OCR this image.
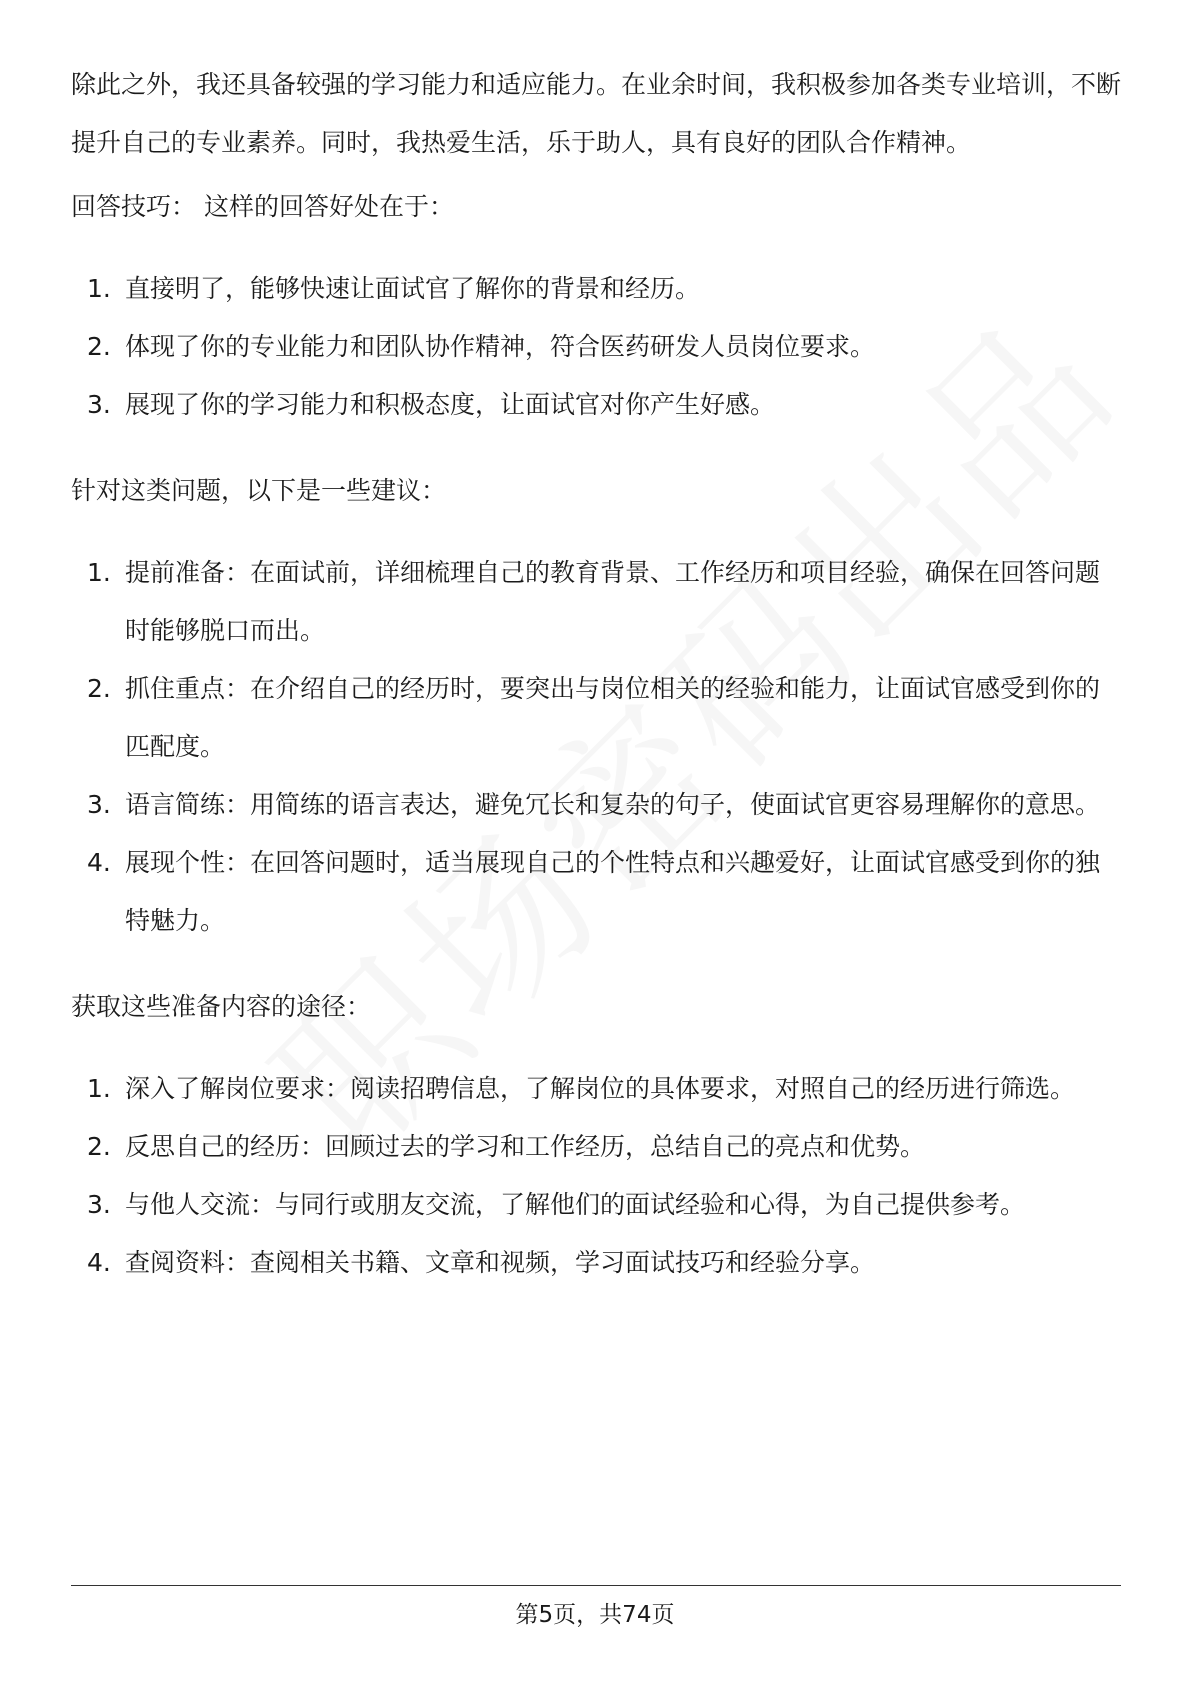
除此之外，我还具备较强的学习能力和适应能力。在业余时间，我积极参加各类专业培训，不断提升自己的专业素养。同时，我热爱生活，乐于助人，具有良好的团队合作精神。

回答技巧： 这样的回答好处在于：

1. 直接明了，能够快速让面试官了解你的背景和经历。
2. 体现了你的专业能力和团队协作精神，符合医药研发人员岗位要求。
3. 展现了你的学习能力和积极态度，让面试官对你产生好感。

针对这类问题，以下是一些建议：

1. 提前准备：在面试前，详细梳理自己的教育背景、工作经历和项目经验，确保在回答问题时能够脱口而出。
2. 抓住重点：在介绍自己的经历时，要突出与岗位相关的经验和能力，让面试官感受到你的匹配度。
3. 语言简练：用简练的语言表达，避免冗长和复杂的句子，使面试官更容易理解你的意思。
4. 展现个性：在回答问题时，适当展现自己的个性特点和兴趣爱好，让面试官感受到你的独特魅力。

获取这些准备内容的途径：

1. 深入了解岗位要求：阅读招聘信息，了解岗位的具体要求，对照自己的经历进行筛选。
2. 反思自己的经历：回顾过去的学习和工作经历，总结自己的亮点和优势。
3. 与他人交流：与同行或朋友交流，了解他们的面试经验和心得，为自己提供参考。
4. 查阅资料：查阅相关书籍、文章和视频，学习面试技巧和经验分享。
第5页，共74页
